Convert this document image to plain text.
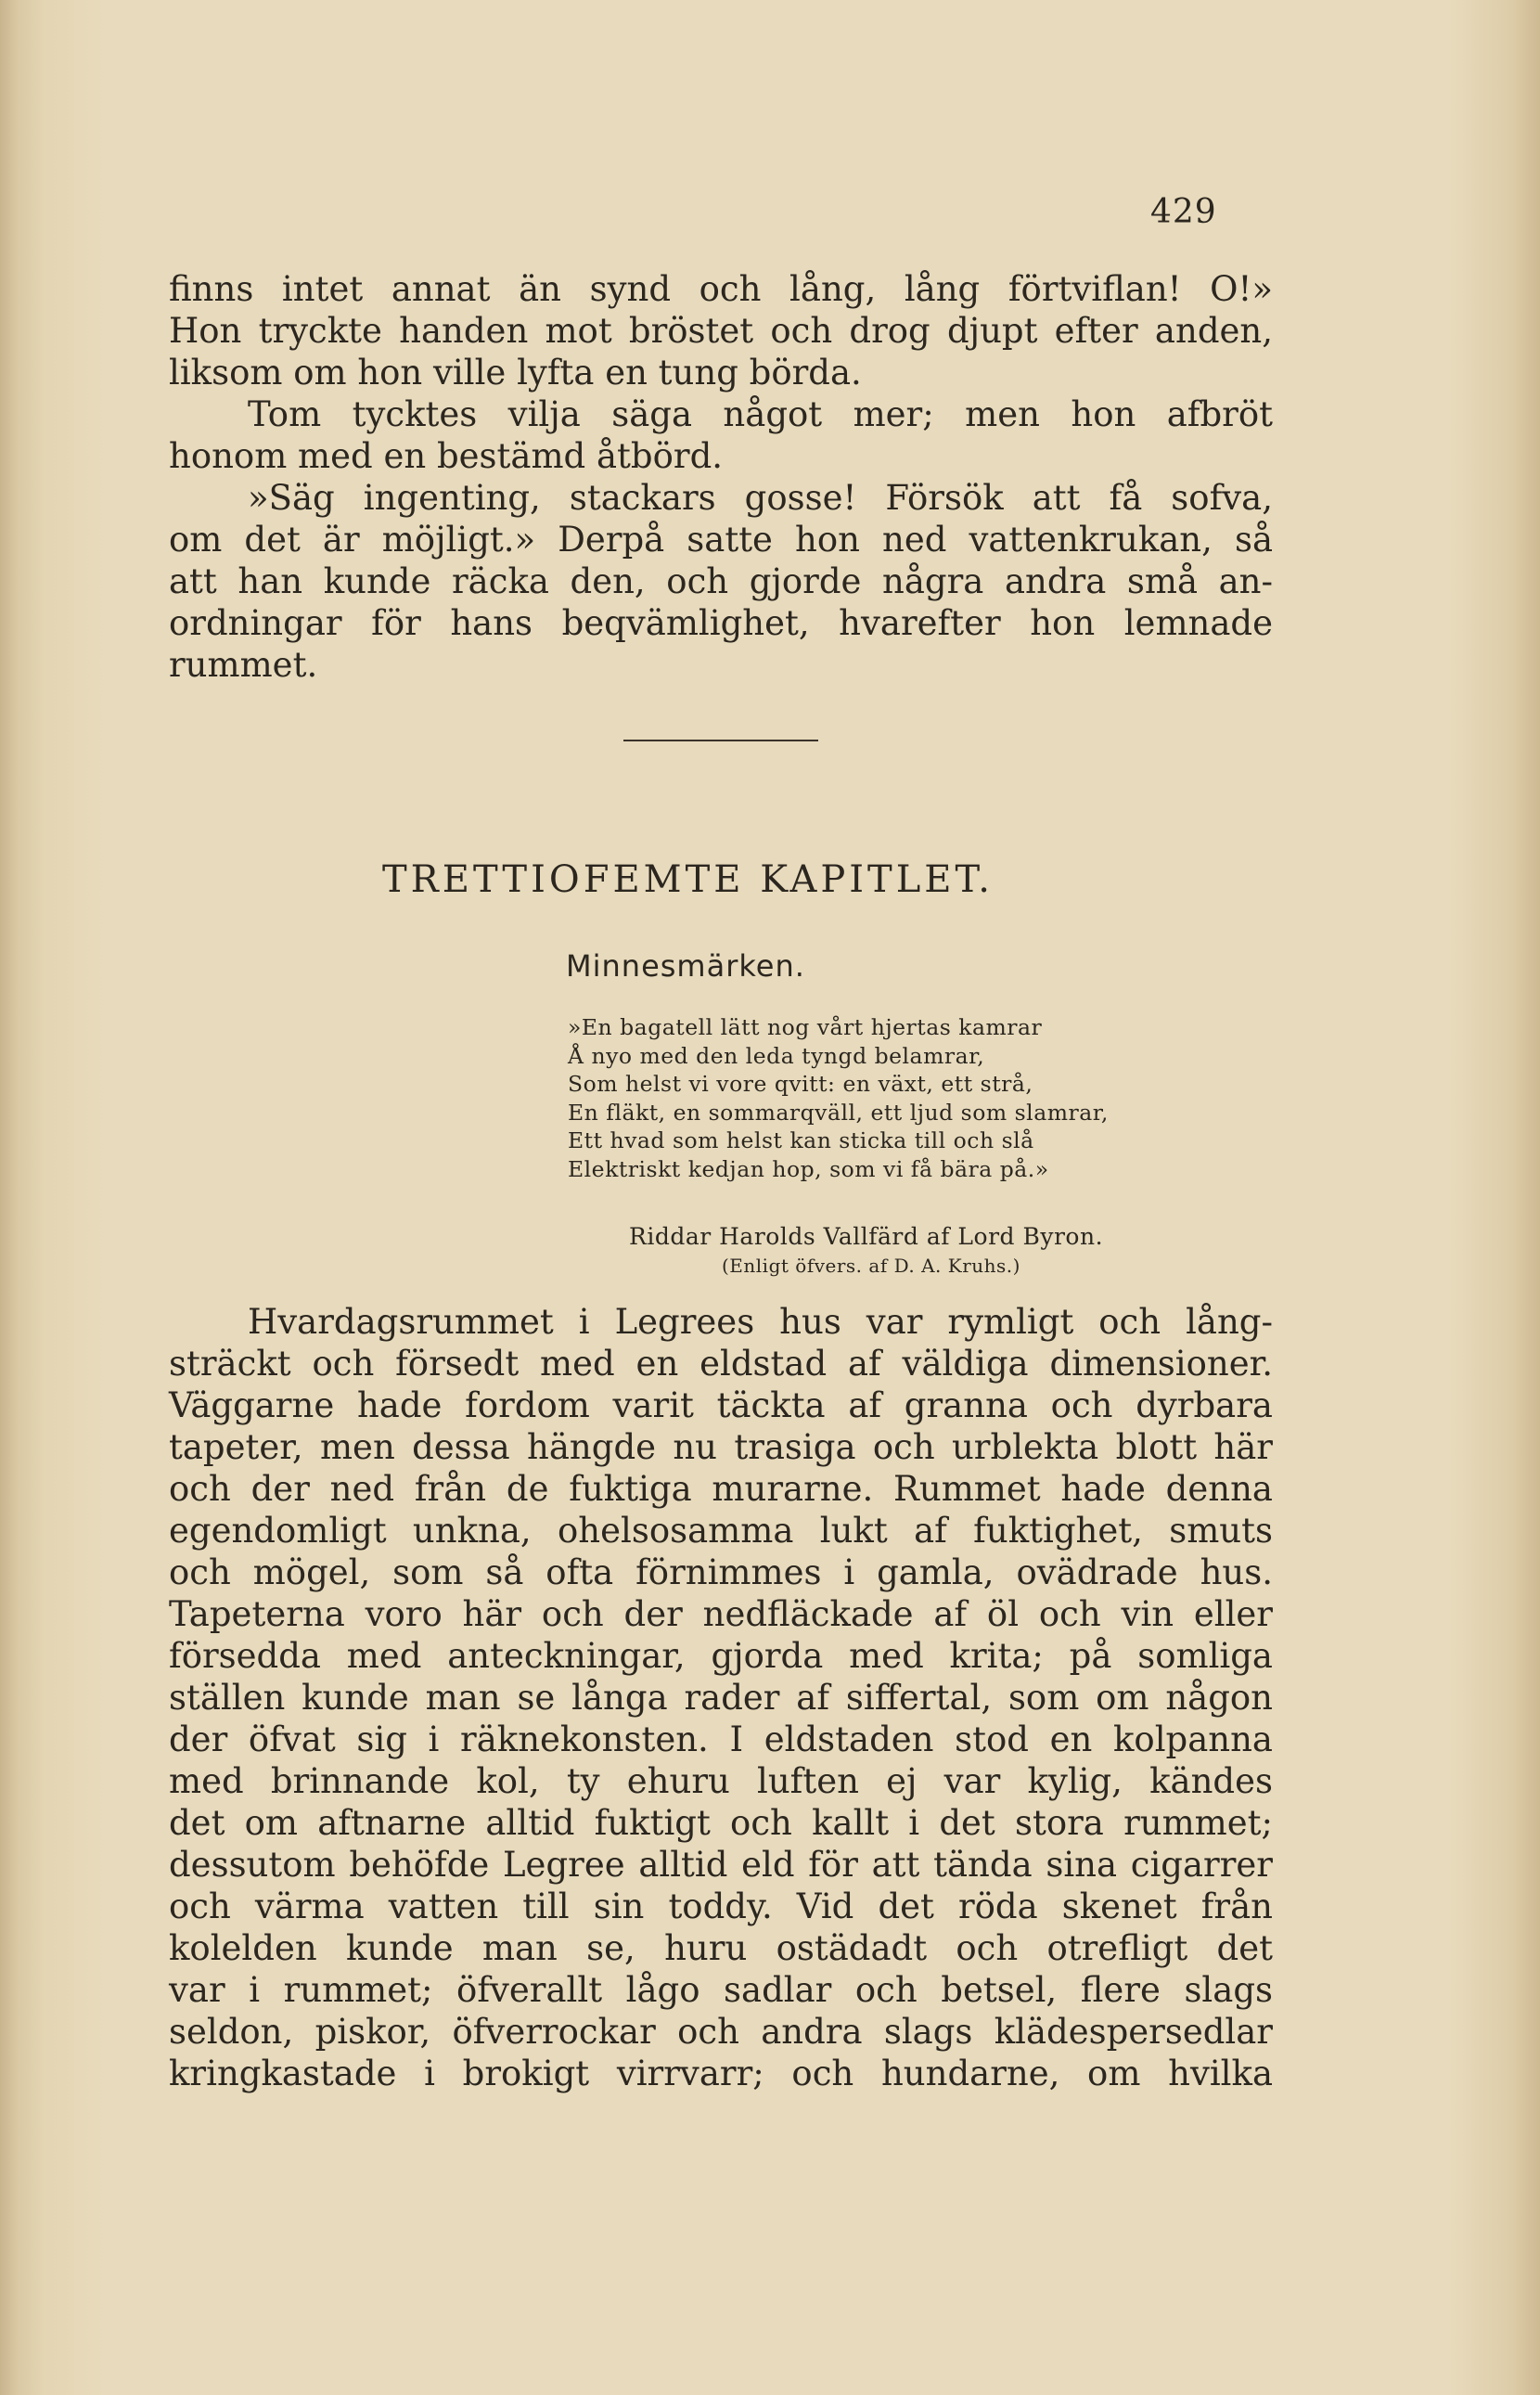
429
finns intet annat än synd och lång, lång förtviflan! O!»
Hon tryckte handen mot bröstet och drog djupt efter anden,
liksom om hon ville lyfta en tung börda.
Tom tycktes vilja säga något mer; men hon afbröt
honom med en bestämd åtbörd.
»Säg ingenting, stackars gosse! Försök att få sofva,
om det är möjligt.» Derpå satte hon ned vattenkrukan, så
att han kunde räcka den, och gjorde några andra små an-
ordningar för hans beqvämlighet, hvarefter hon lemnade
rummet.
TRETTIOFEMTE KAPITLET.
Minnesmärken.
»En bagatell lätt nog vårt hjertas kamrar
Å nyo med den leda tyngd belamrar,
Som helst vi vore qvitt: en växt, ett strå,
En fläkt, en sommarqväll, ett ljud som slamrar,
Ett hvad som helst kan sticka till och slå
Elektriskt kedjan hop, som vi få bära på.»
Riddar Harolds Vallfärd af Lord Byron.
(Enligt öfvers. af D. A. Kruhs.)
Hvardagsrummet i Legrees hus var rymligt och lång-
sträckt och försedt med en eldstad af väldiga dimensioner.
Väggarne hade fordom varit täckta af granna och dyrbara
tapeter, men dessa hängde nu trasiga och urblekta blott här
och der ned från de fuktiga murarne. Rummet hade denna
egendomligt unkna, ohelsosamma lukt af fuktighet, smuts
och mögel, som så ofta förnimmes i gamla, ovädrade hus.
Tapeterna voro här och der nedfläckade af öl och vin eller
försedda med anteckningar, gjorda med krita; på somliga
ställen kunde man se långa rader af siffertal, som om någon
der öfvat sig i räknekonsten. I eldstaden stod en kolpanna
med brinnande kol, ty ehuru luften ej var kylig, kändes
det om aftnarne alltid fuktigt och kallt i det stora rummet;
dessutom behöfde Legree alltid eld för att tända sina cigarrer
och värma vatten till sin toddy. Vid det röda skenet från
kolelden kunde man se, huru ostädadt och otrefligt det
var i rummet; öfverallt lågo sadlar och betsel, flere slags
seldon, piskor, öfverrockar och andra slags klädespersedlar
kringkastade i brokigt virrvarr; och hundarne, om hvilka
